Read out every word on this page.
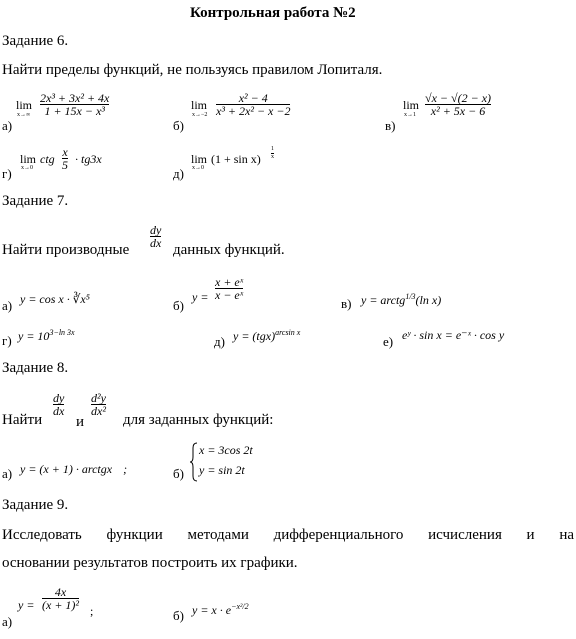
Контрольная работа №2
Задание 6.
Найти пределы функций, не пользуясь правилом Лопиталя.
а)
lim
$x\to\infty \frac{\text{2x³ + 3x² + 4x}}{\text{1 + 15x − x³}}$
б)
lim
$x\to-2 \frac{\text{x² − 4}}{\text{x³ + 2x² − x −2}}$
в)
lim
$x\to 1 \frac{√x - √(2 - x)}{\text{x² + 5x − 6}}$
г)
lim
x→0
ctg $\frac{x}{5} \cdot tg3x$
д)
lim
x→0
$(1 + \sin x) \frac{1}{x}$
Задание 7.
Найти производные
$\frac{dy}{dx}$
данных функций.
а) y = cos x · ∛x⁵	б)
$y = \frac{\text{x + eˣ}}{\text{x − eˣ}}$
в) y = arctg$^{1/3}$(ln x)
г) $y = 10^{3-ln 3x}$
д) y = (tgx)$^{arcsin x}$
е) eʸ · sin x = e⁻ˣ · cos y
Задание 8.
Найти
$\frac{dy}{dx}$
и
$\frac{\text{d²y}}{\text{dx²}}$
для заданных функций:
а) y = (x + 1) · arctgx ;	б)
x = 3cos 2t
y = sin 2t
Задание 9.
Исследовать функции методами дифференциального исчисления и на
основании результатов построить их графики.
а)
$y = \frac{4x}{\text{(x + 1)²}}$ ;	б) $y = x \cdot e^{-x^2/2}$
